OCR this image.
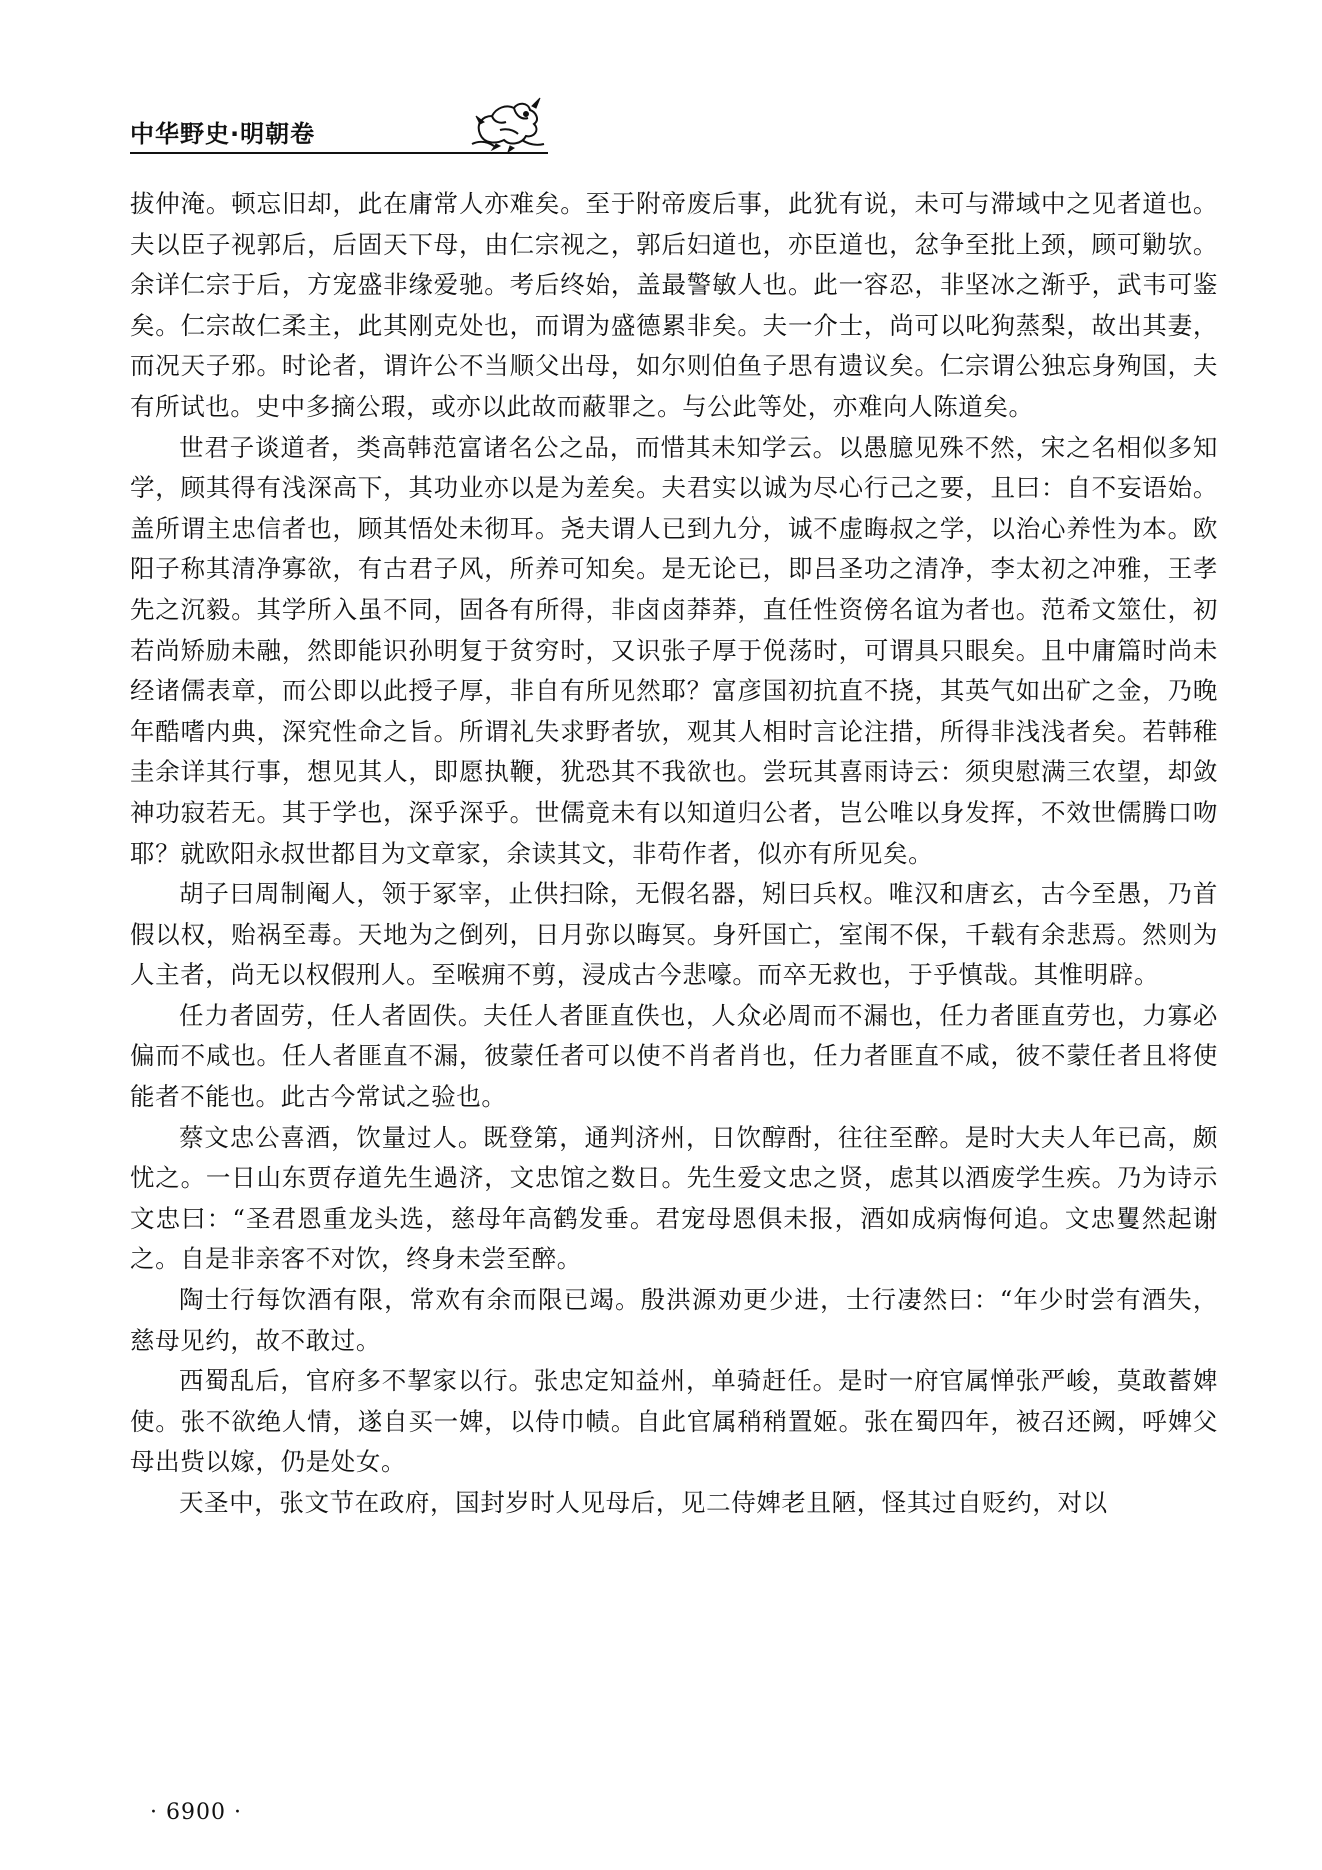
中华野史·明朝卷

拔仲淹。顿忘旧却，此在庸常人亦难矣。至于附帝废后事，此犹有说，未可与滞域中之见者道也。夫以臣子视郭后，后固天下母，由仁宗视之，郭后妇道也，亦臣道也，忿争至批上颈，顾可勦欤。余详仁宗于后，方宠盛非缘爱驰。考后终始，盖最警敏人也。此一容忍，非坚冰之渐乎，武韦可鉴矣。仁宗故仁柔主，此其刚克处也，而谓为盛德累非矣。夫一介士，尚可以叱狗蒸梨，故出其妻，而况天子邪。时论者，谓许公不当顺父出母，如尔则伯鱼子思有遗议矣。仁宗谓公独忘身殉国，夫有所试也。史中多摘公瑕，或亦以此故而蔽罪之。与公此等处，亦难向人陈道矣。

世君子谈道者，类高韩范富诸名公之品，而惜其未知学云。以愚臆见殊不然，宋之名相似多知学，顾其得有浅深高下，其功业亦以是为差矣。夫君实以诚为尽心行己之要，且曰：自不妄语始。盖所谓主忠信者也，顾其悟处未彻耳。尧夫谓人已到九分，诚不虚晦叔之学，以治心养性为本。欧阳子称其清净寡欲，有古君子风，所养可知矣。是无论已，即吕圣功之清净，李太初之冲雅，王孝先之沉毅。其学所入虽不同，固各有所得，非卤卤莽莽，直任性资傍名谊为者也。范希文筮仕，初若尚矫励未融，然即能识孙明复于贫穷时，又识张子厚于侻荡时，可谓具只眼矣。且中庸篇时尚未经诸儒表章，而公即以此授子厚，非自有所见然耶？富彦国初抗直不挠，其英气如出矿之金，乃晚年酷嗜内典，深究性命之旨。所谓礼失求野者欤，观其人相时言论注措，所得非浅浅者矣。若韩稚圭余详其行事，想见其人，即愿执鞭，犹恐其不我欲也。尝玩其喜雨诗云：须臾慰满三农望，却敛神功寂若无。其于学也，深乎深乎。世儒竟未有以知道归公者，岂公唯以身发挥，不效世儒腾口吻耶？就欧阳永叔世都目为文章家，余读其文，非苟作者，似亦有所见矣。

胡子曰周制阉人，领于冢宰，止供扫除，无假名器，矧曰兵权。唯汉和唐玄，古今至愚，乃首假以权，贻祸至毒。天地为之倒列，日月弥以晦冥。身歼国亡，室闱不保，千载有余悲焉。然则为人主者，尚无以权假刑人。至喉痈不剪，浸成古今悲嚎。而卒无救也，于乎慎哉。其惟明辟。

任力者固劳，任人者固佚。夫任人者匪直佚也，人众必周而不漏也，任力者匪直劳也，力寡必偏而不咸也。任人者匪直不漏，彼蒙任者可以使不肖者肖也，任力者匪直不咸，彼不蒙任者且将使能者不能也。此古今常试之验也。

蔡文忠公喜酒，饮量过人。既登第，通判济州，日饮醇酎，往往至醉。是时大夫人年已高，颇忧之。一日山东贾存道先生過济，文忠馆之数日。先生爱文忠之贤，虑其以酒废学生疾。乃为诗示文忠曰：“圣君恩重龙头选，慈母年高鹤发垂。君宠母恩俱未报，酒如成病悔何追。文忠矍然起谢之。自是非亲客不对饮，终身未尝至醉。

陶士行每饮酒有限，常欢有余而限已竭。殷洪源劝更少进，士行凄然曰：“年少时尝有酒失，慈母见约，故不敢过。

西蜀乱后，官府多不挈家以行。张忠定知益州，单骑赶任。是时一府官属惮张严峻，莫敢蓄婢使。张不欲绝人情，遂自买一婢，以侍巾帻。自此官属稍稍置姬。张在蜀四年，被召还阙，呼婢父母出赀以嫁，仍是处女。

天圣中，张文节在政府，国封岁时人见母后，见二侍婢老且陋，怪其过自贬约，对以

· 6900 ·
